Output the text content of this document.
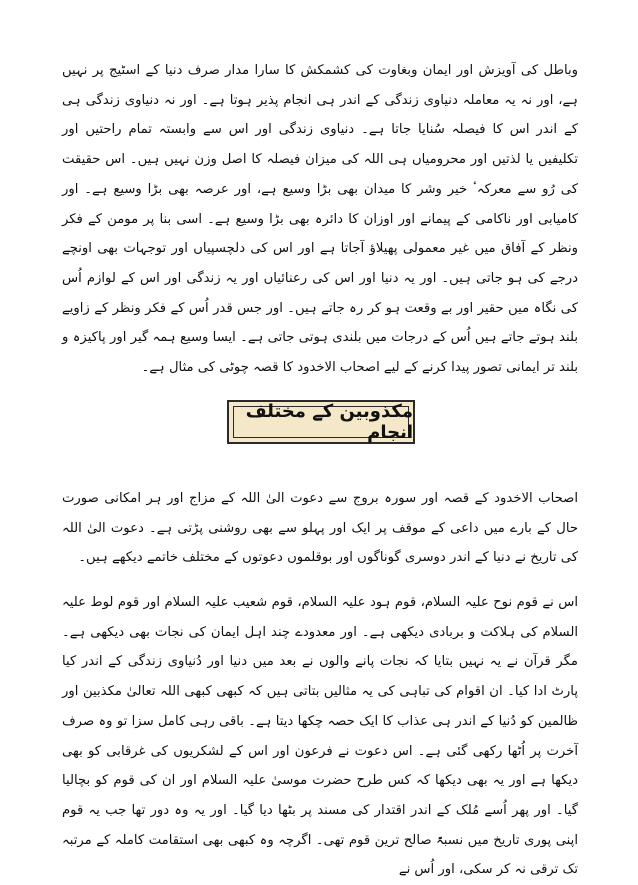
وباطل کی آویزش اور ایمان وبغاوت کی کشمکش کا سارا مدار صرف دنیا کے اسٹیج پر نہیں ہے، اور نہ یہ معاملہ دنیاوی زندگی کے اندر ہی انجام پذیر ہوتا ہے۔ اور نہ دنیاوی زندگی ہی کے اندر اس کا فیصلہ سُنایا جاتا ہے۔ دنیاوی زندگی اور اس سے وابستہ تمام راحتیں اور تکلیفیں یا لذتیں اور محرومیاں ہی اللہ کی میزان فیصلہ کا اصل وزن نہیں ہیں۔ اس حقیقت کی رُو سے معرکہٴ خیر وشر کا میدان بھی بڑا وسیع ہے، اور عرصہ بھی بڑا وسیع ہے۔ اور کامیابی اور ناکامی کے پیمانے اور اوزان کا دائرہ بھی بڑا وسیع ہے۔ اسی بنا پر مومن کے فکر ونظر کے آفاق میں غیر معمولی پھیلاؤ آجاتا ہے اور اس کی دلچسپیاں اور توجہات بھی اونچے درجے کی ہو جاتی ہیں۔ اور یہ دنیا اور اس کی رعنائیاں اور یہ زندگی اور اس کے لوازم اُس کی نگاہ میں حقیر اور بے وقعت ہو کر رہ جاتے ہیں۔ اور جس قدر اُس کے فکر ونظر کے زاویے بلند ہوتے جاتے ہیں اُس کے درجات میں بلندی ہوتی جاتی ہے۔ ایسا وسیع ہمہ گیر اور پاکیزہ و بلند تر ایمانی تصور پیدا کرنے کے لیے اصحاب الاخدود کا قصہ چوٹی کی مثال ہے۔

مکذوبین کے مختلف انجام

اصحاب الاخدود کے قصہ اور سورہ بروج سے دعوت الیٰ اللہ کے مزاج اور ہر امکانی صورت حال کے بارے میں داعی کے موقف پر ایک اور پہلو سے بھی روشنی پڑتی ہے۔ دعوت الیٰ اللہ کی تاریخ نے دنیا کے اندر دوسری گوناگوں اور بوقلموں دعوتوں کے مختلف خاتمے دیکھے ہیں۔

اس نے قوم نوح علیہ السلام، قوم ہود علیہ السلام، قوم شعیب علیہ السلام اور قوم لوط علیہ السلام کی ہلاکت و بربادی دیکھی ہے۔ اور معدودے چند اہل ایمان کی نجات بھی دیکھی ہے۔ مگر قرآن نے یہ نہیں بتایا کہ نجات پانے والوں نے بعد میں دنیا اور دُنیاوی زندگی کے اندر کیا پارٹ ادا کیا۔ ان اقوام کی تباہی کی یہ مثالیں بتاتی ہیں کہ کبھی کبھی اللہ تعالیٰ مکذبین اور ظالمین کو دُنیا کے اندر ہی عذاب کا ایک حصہ چکھا دیتا ہے۔ باقی رہی کامل سزا تو وہ صرف آخرت پر اُٹھا رکھی گئی ہے۔ اس دعوت نے فرعون اور اس کے لشکریوں کی غرقابی کو بھی دیکھا ہے اور یہ بھی دیکھا کہ کس طرح حضرت موسیٰ علیہ السلام اور ان کی قوم کو بچالیا گیا۔ اور پھر اُسے مُلک کے اندر اقتدار کی مسند پر بٹھا دیا گیا۔ اور یہ وہ دور تھا جب یہ قوم اپنی پوری تاریخ میں نسبۃً صالح ترین قوم تھی۔ اگرچہ وہ کبھی بھی استقامت کاملہ کے مرتبہ تک ترقی نہ کر سکی، اور اُس نے
